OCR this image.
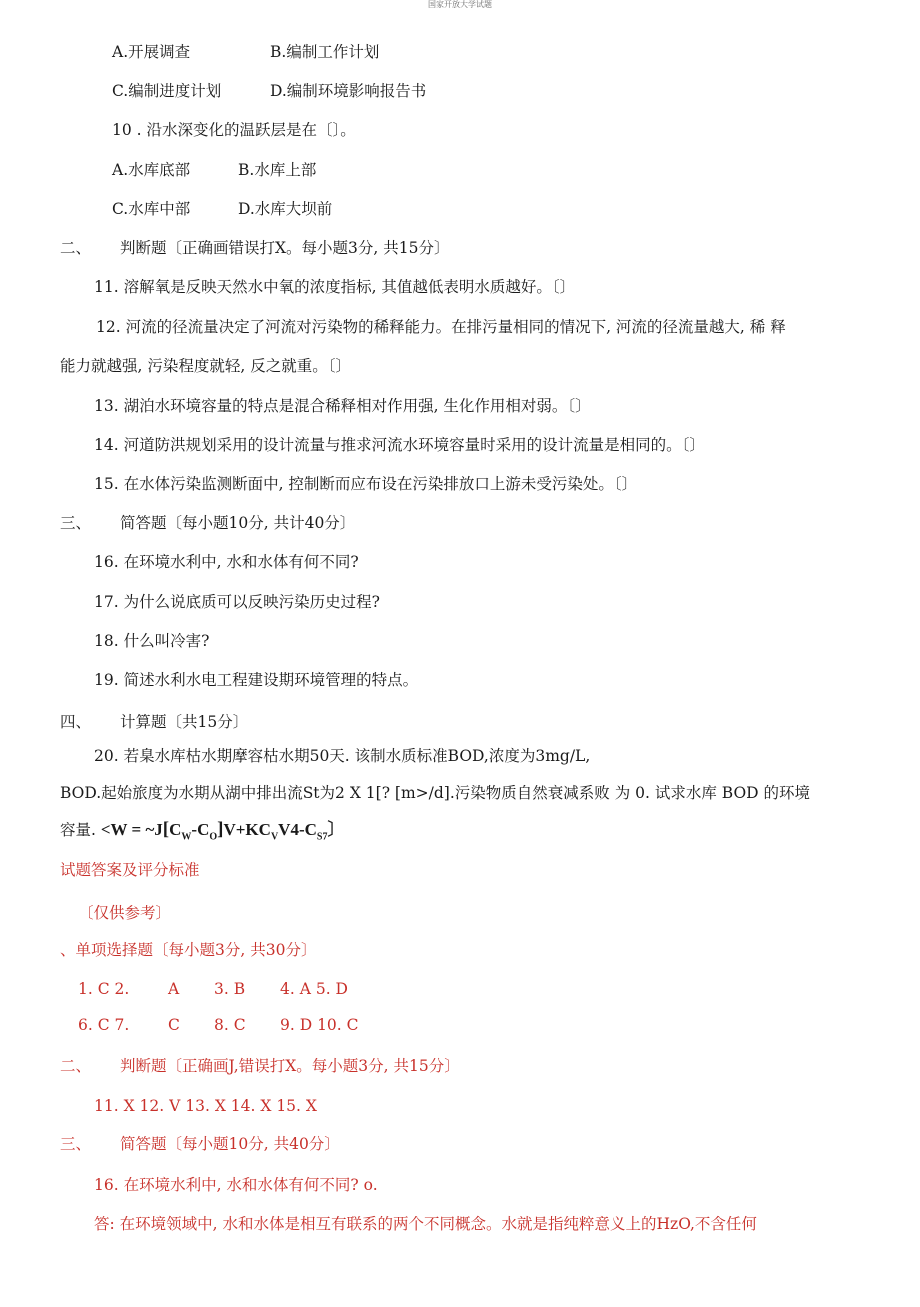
国家开放大学试题
A.开展调查	B.编制工作计划
C.编制进度计划	D.编制环境影响报告书
10 . 沿水深变化的温跃层是在〔〕。
A.水库底部	B.水库上部
C.水库中部	D.水库大坝前
二、 判断题〔正确画错误打X。每小题3分, 共15分〕
11. 溶解氧是反映天然水中氧的浓度指标, 其值越低表明水质越好。〔〕
12. 河流的径流量决定了河流对污染物的稀释能力。在排污量相同的情况下, 河流的径流量越大, 稀 释
能力就越强, 污染程度就轻, 反之就重。〔〕
13. 湖泊水环境容量的特点是混合稀释相对作用强, 生化作用相对弱。〔〕
14. 河道防洪规划采用的设计流量与推求河流水环境容量时采用的设计流量是相同的。〔〕
15. 在水体污染监测断面中, 控制断而应布设在污染排放口上游未受污染处。〔〕
三、 简答题〔每小题10分, 共计40分〕
16. 在环境水利中, 水和水体有何不同?
17. 为什么说底质可以反映污染历史过程?
18. 什么叫冷害?
19. 简述水利水电工程建设期环境管理的特点。
四、 计算题〔共15分〕
20. 若臬水库枯水期摩容枯水期50天. 该制水质标准BOD,浓度为3mg/L,
BOD.起始旅度为水期从湖中排出流St为2 X 1[? [m>/d].污染物质自然衰减系败 为 0. 试求水库 BOD 的环境
容量. $<W = \sim J[C_W-C_O]V+KC_VV4-C_{S7}$〕
试题答案及评分标准
〔仅供参考〕
、单项选择题〔每小题3分, 共30分〕
1. C 2. A 3. B 4. A 5. D
6. C 7. C 8. C 9. D 10. C
二、 判断题〔正确画J,错误打X。每小题3分, 共15分〕
11. X 12. V 13. X 14. X 15. X
三、 简答题〔每小题10分, 共40分〕
16. 在环境水利中, 水和水体有何不同? o.
答: 在环境领域中, 水和水体是相互有联系的两个不同概念。水就是指纯粹意义上的HzO,不含任何
